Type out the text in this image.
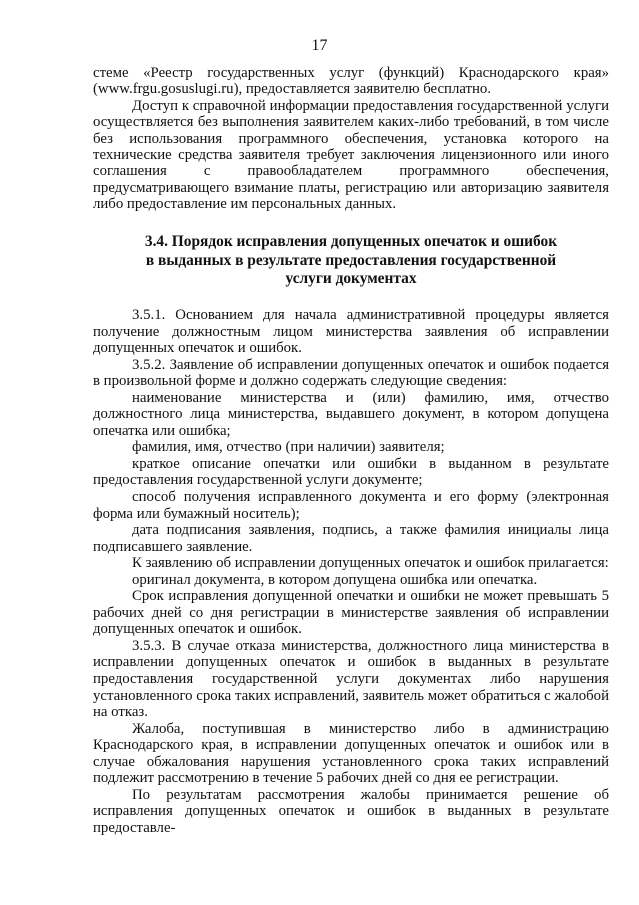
17

стеме «Реестр государственных услуг (функций) Краснодарского края» (www.frgu.gosuslugi.ru), предоставляется заявителю бесплатно.

Доступ к справочной информации предоставления государственной услуги осуществляется без выполнения заявителем каких-либо требований, в том числе без использования программного обеспечения, установка которого на технические средства заявителя требует заключения лицензионного или иного соглашения с правообладателем программного обеспечения, предусматривающего взимание платы, регистрацию или авторизацию заявителя либо предоставление им персональных данных.

3.4. Порядок исправления допущенных опечаток и ошибок
в выданных в результате предоставления государственной
услуги документах

3.5.1. Основанием для начала административной процедуры является получение должностным лицом министерства заявления об исправлении допущенных опечаток и ошибок.

3.5.2. Заявление об исправлении допущенных опечаток и ошибок подается в произвольной форме и должно содержать следующие сведения:

наименование министерства и (или) фамилию, имя, отчество должностного лица министерства, выдавшего документ, в котором допущена опечатка или ошибка;

фамилия, имя, отчество (при наличии) заявителя;

краткое описание опечатки или ошибки в выданном в результате предоставления государственной услуги документе;

способ получения исправленного документа и его форму (электронная форма или бумажный носитель);

дата подписания заявления, подпись, а также фамилия инициалы лица подписавшего заявление.

К заявлению об исправлении допущенных опечаток и ошибок прилагается:

оригинал документа, в котором допущена ошибка или опечатка.

Срок исправления допущенной опечатки и ошибки не может превышать 5 рабочих дней со дня регистрации в министерстве заявления об исправлении допущенных опечаток и ошибок.

3.5.3. В случае отказа министерства, должностного лица министерства в исправлении допущенных опечаток и ошибок в выданных в результате предоставления государственной услуги документах либо нарушения установленного срока таких исправлений, заявитель может обратиться с жалобой на отказ.

Жалоба, поступившая в министерство либо в администрацию Краснодарского края, в исправлении допущенных опечаток и ошибок или в случае обжалования нарушения установленного срока таких исправлений подлежит рассмотрению в течение 5 рабочих дней со дня ее регистрации.

По результатам рассмотрения жалобы принимается решение об исправления допущенных опечаток и ошибок в выданных в результате предоставле-
